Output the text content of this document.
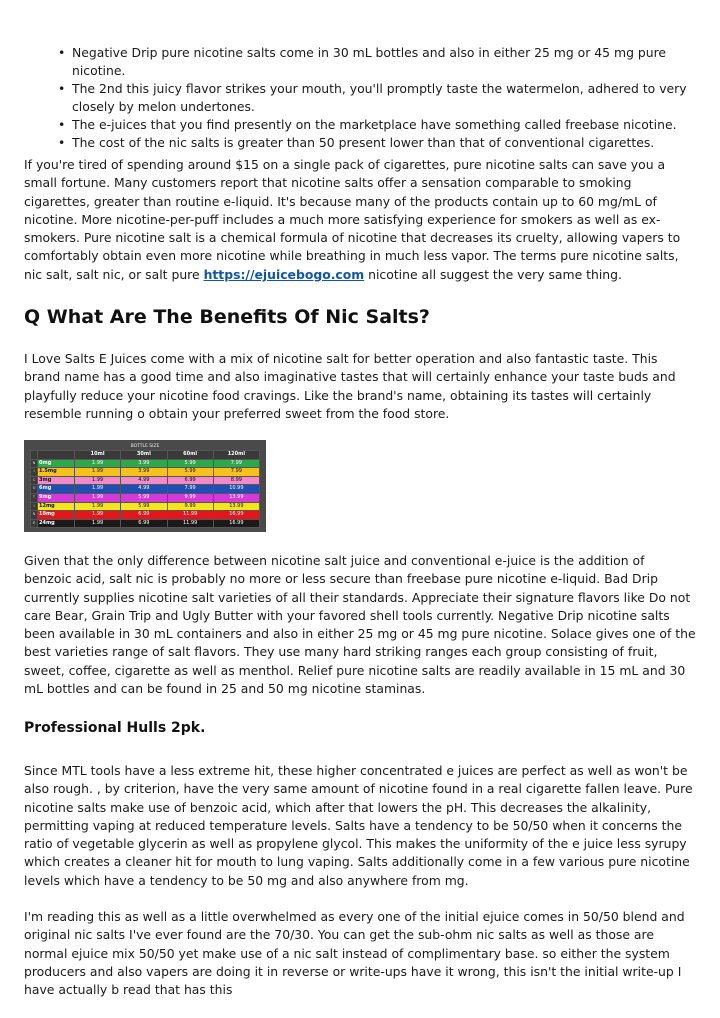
• Negative Drip pure nicotine salts come in 30 mL bottles and also in either 25 mg or 45 mg pure nicotine.
• The 2nd this juicy flavor strikes your mouth, you'll promptly taste the watermelon, adhered to very closely by melon undertones.
• The e-juices that you find presently on the marketplace have something called freebase nicotine.
• The cost of the nic salts is greater than 50 present lower than that of conventional cigarettes.

If you're tired of spending around $15 on a single pack of cigarettes, pure nicotine salts can save you a small fortune. Many customers report that nicotine salts offer a sensation comparable to smoking cigarettes, greater than routine e-liquid. It's because many of the products contain up to 60 mg/mL of nicotine. More nicotine-per-puff includes a much more satisfying experience for smokers as well as ex-smokers. Pure nicotine salt is a chemical formula of nicotine that decreases its cruelty, allowing vapers to comfortably obtain even more nicotine while breathing in much less vapor. The terms pure nicotine salts, nic salt, salt nic, or salt pure https://ejuicebogo.com nicotine all suggest the very same thing.

Q What Are The Benefits Of Nic Salts?

I Love Salts E Juices come with a mix of nicotine salt for better operation and also fantastic taste. This brand name has a good time and also imaginative tastes that will certainly enhance your taste buds and playfully reduce your nicotine food cravings. Like the brand's name, obtaining its tastes will certainly resemble running o obtain your preferred sweet from the food store.

BOTTLE SIZE
		10ml	30ml	60ml	120ml
N	0mg	1.99	3.99	5.99	7.99
I	1.5mg	1.99	3.99	5.99	7.99
C	3mg	1.99	4.99	6.99	8.99
O	6mg	1.99	4.99	7.99	10.99
T	9mg	1.99	5.99	9.99	13.99
I	12mg	1.99	5.99	9.99	13.99
N	18mg	1.99	6.99	11.99	16.99
E	24mg	1.99	6.99	11.99	16.99

Given that the only difference between nicotine salt juice and conventional e-juice is the addition of benzoic acid, salt nic is probably no more or less secure than freebase pure nicotine e-liquid. Bad Drip currently supplies nicotine salt varieties of all their standards. Appreciate their signature flavors like Do not care Bear, Grain Trip and Ugly Butter with your favored shell tools currently. Negative Drip nicotine salts been available in 30 mL containers and also in either 25 mg or 45 mg pure nicotine. Solace gives one of the best varieties range of salt flavors. They use many hard striking ranges each group consisting of fruit, sweet, coffee, cigarette as well as menthol. Relief pure nicotine salts are readily available in 15 mL and 30 mL bottles and can be found in 25 and 50 mg nicotine staminas.

Professional Hulls 2pk.

Since MTL tools have a less extreme hit, these higher concentrated e juices are perfect as well as won't be also rough. , by criterion, have the very same amount of nicotine found in a real cigarette fallen leave. Pure nicotine salts make use of benzoic acid, which after that lowers the pH. This decreases the alkalinity, permitting vaping at reduced temperature levels. Salts have a tendency to be 50/50 when it concerns the ratio of vegetable glycerin as well as propylene glycol. This makes the uniformity of the e juice less syrupy which creates a cleaner hit for mouth to lung vaping. Salts additionally come in a few various pure nicotine levels which have a tendency to be 50 mg and also anywhere from mg.

I'm reading this as well as a little overwhelmed as every one of the initial ejuice comes in 50/50 blend and original nic salts I've ever found are the 70/30. You can get the sub-ohm nic salts as well as those are normal ejuice mix 50/50 yet make use of a nic salt instead of complimentary base. so either the system producers and also vapers are doing it in reverse or write-ups have it wrong, this isn't the initial write-up I have actually b read that has this
